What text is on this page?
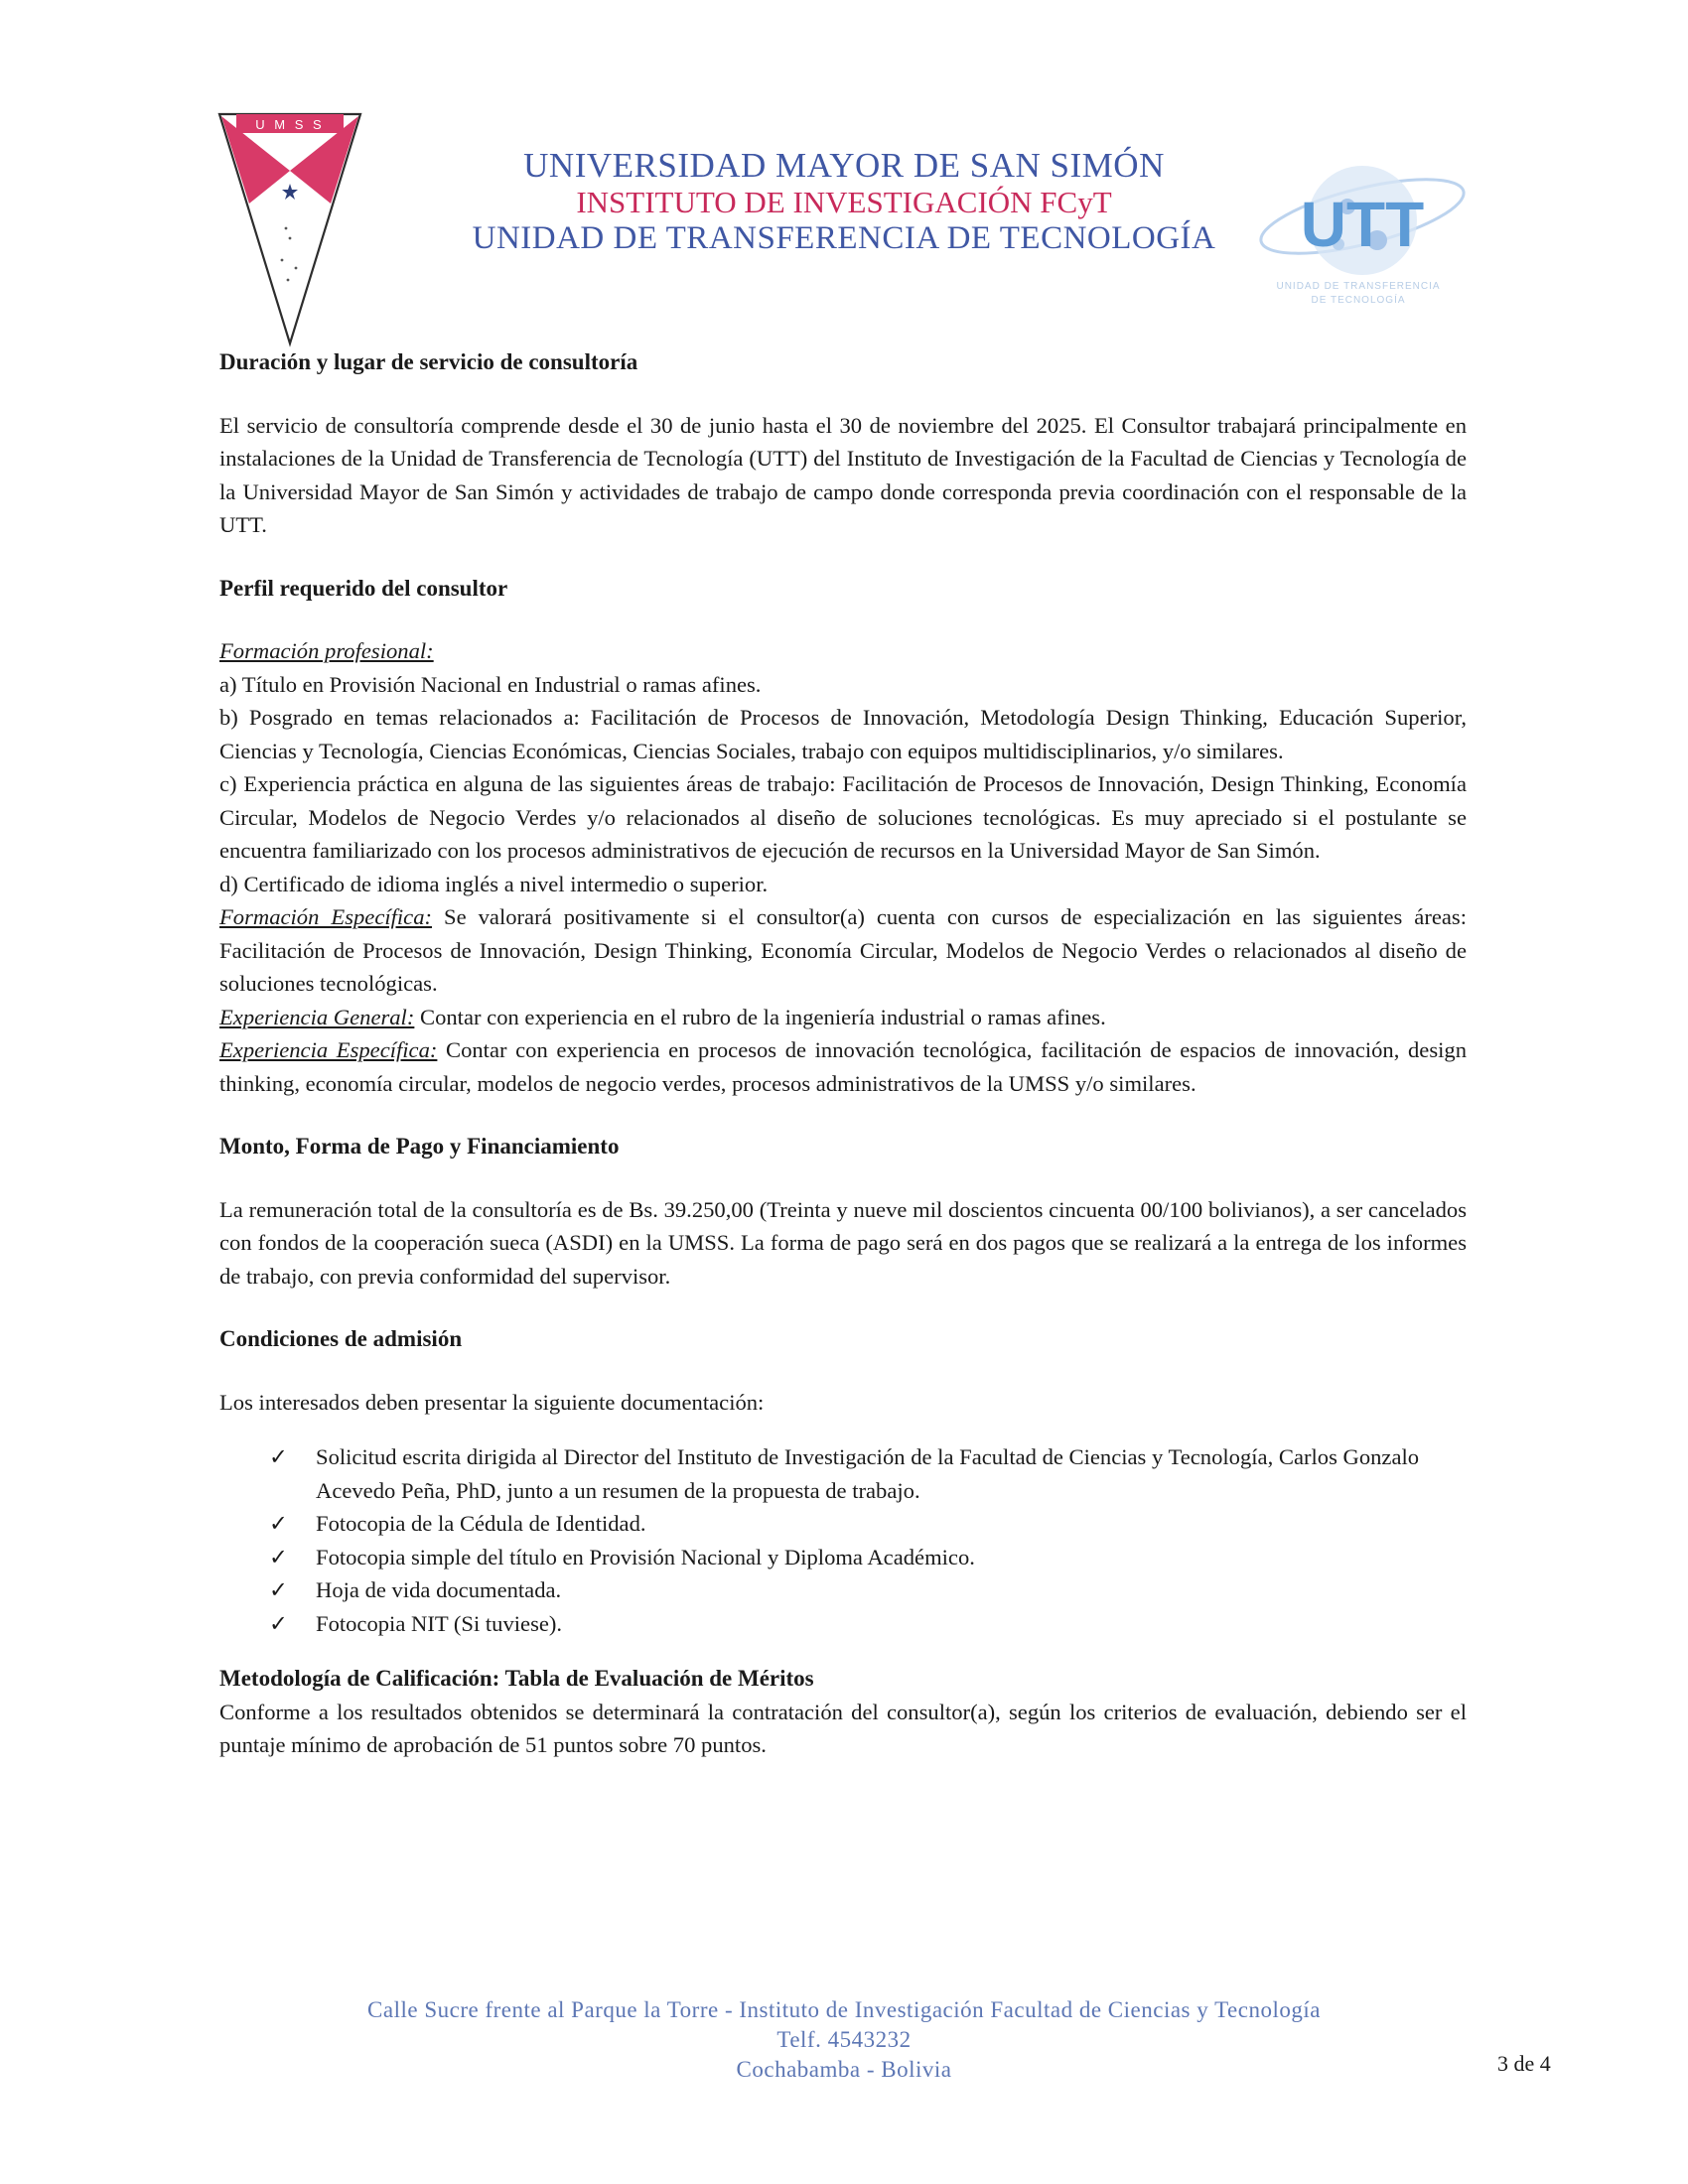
U M S S
UNIVERSIDAD MAYOR DE SAN SIMÓN
INSTITUTO DE INVESTIGACIÓN FCyT
UNIDAD DE TRANSFERENCIA DE TECNOLOGÍA	UTT
UNIDAD DE TRANSFERENCIA
DE TECNOLOGÍA
Duración y lugar de servicio de consultoría

El servicio de consultoría comprende desde el 30 de junio hasta el 30 de noviembre del 2025. El Consultor trabajará principalmente en instalaciones de la Unidad de Transferencia de Tecnología (UTT) del Instituto de Investigación de la Facultad de Ciencias y Tecnología de la Universidad Mayor de San Simón y actividades de trabajo de campo donde corresponda previa coordinación con el responsable de la UTT.

Perfil requerido del consultor
Formación profesional:

a) Título en Provisión Nacional en Industrial o ramas afines.

b) Posgrado en temas relacionados a: Facilitación de Procesos de Innovación, Metodología Design Thinking, Educación Superior, Ciencias y Tecnología, Ciencias Económicas, Ciencias Sociales, trabajo con equipos multidisciplinarios, y/o similares.

c) Experiencia práctica en alguna de las siguientes áreas de trabajo: Facilitación de Procesos de Innovación, Design Thinking, Economía Circular, Modelos de Negocio Verdes y/o relacionados al diseño de soluciones tecnológicas. Es muy apreciado si el postulante se encuentra familiarizado con los procesos administrativos de ejecución de recursos en la Universidad Mayor de San Simón.

d) Certificado de idioma inglés a nivel intermedio o superior.

Formación Específica: Se valorará positivamente si el consultor(a) cuenta con cursos de especialización en las siguientes áreas: Facilitación de Procesos de Innovación, Design Thinking, Economía Circular, Modelos de Negocio Verdes o relacionados al diseño de soluciones tecnológicas.

Experiencia General: Contar con experiencia en el rubro de la ingeniería industrial o ramas afines.

Experiencia Específica: Contar con experiencia en procesos de innovación tecnológica, facilitación de espacios de innovación, design thinking, economía circular, modelos de negocio verdes, procesos administrativos de la UMSS y/o similares.

Monto, Forma de Pago y Financiamiento

La remuneración total de la consultoría es de Bs. 39.250,00 (Treinta y nueve mil doscientos cincuenta 00/100 bolivianos), a ser cancelados con fondos de la cooperación sueca (ASDI) en la UMSS. La forma de pago será en dos pagos que se realizará a la entrega de los informes de trabajo, con previa conformidad del supervisor.

Condiciones de admisión

Los interesados deben presentar la siguiente documentación:

✓ Solicitud escrita dirigida al Director del Instituto de Investigación de la Facultad de Ciencias y Tecnología, Carlos Gonzalo Acevedo Peña, PhD, junto a un resumen de la propuesta de trabajo.
✓ Fotocopia de la Cédula de Identidad.
✓ Fotocopia simple del título en Provisión Nacional y Diploma Académico.
✓ Hoja de vida documentada.
✓ Fotocopia NIT (Si tuviese).
Metodología de Calificación: Tabla de Evaluación de Méritos

Conforme a los resultados obtenidos se determinará la contratación del consultor(a), según los criterios de evaluación, debiendo ser el puntaje mínimo de aprobación de 51 puntos sobre 70 puntos.

Calle Sucre frente al Parque la Torre - Instituto de Investigación Facultad de Ciencias y Tecnología
Telf. 4543232
Cochabamba - Bolivia	3 de 4
